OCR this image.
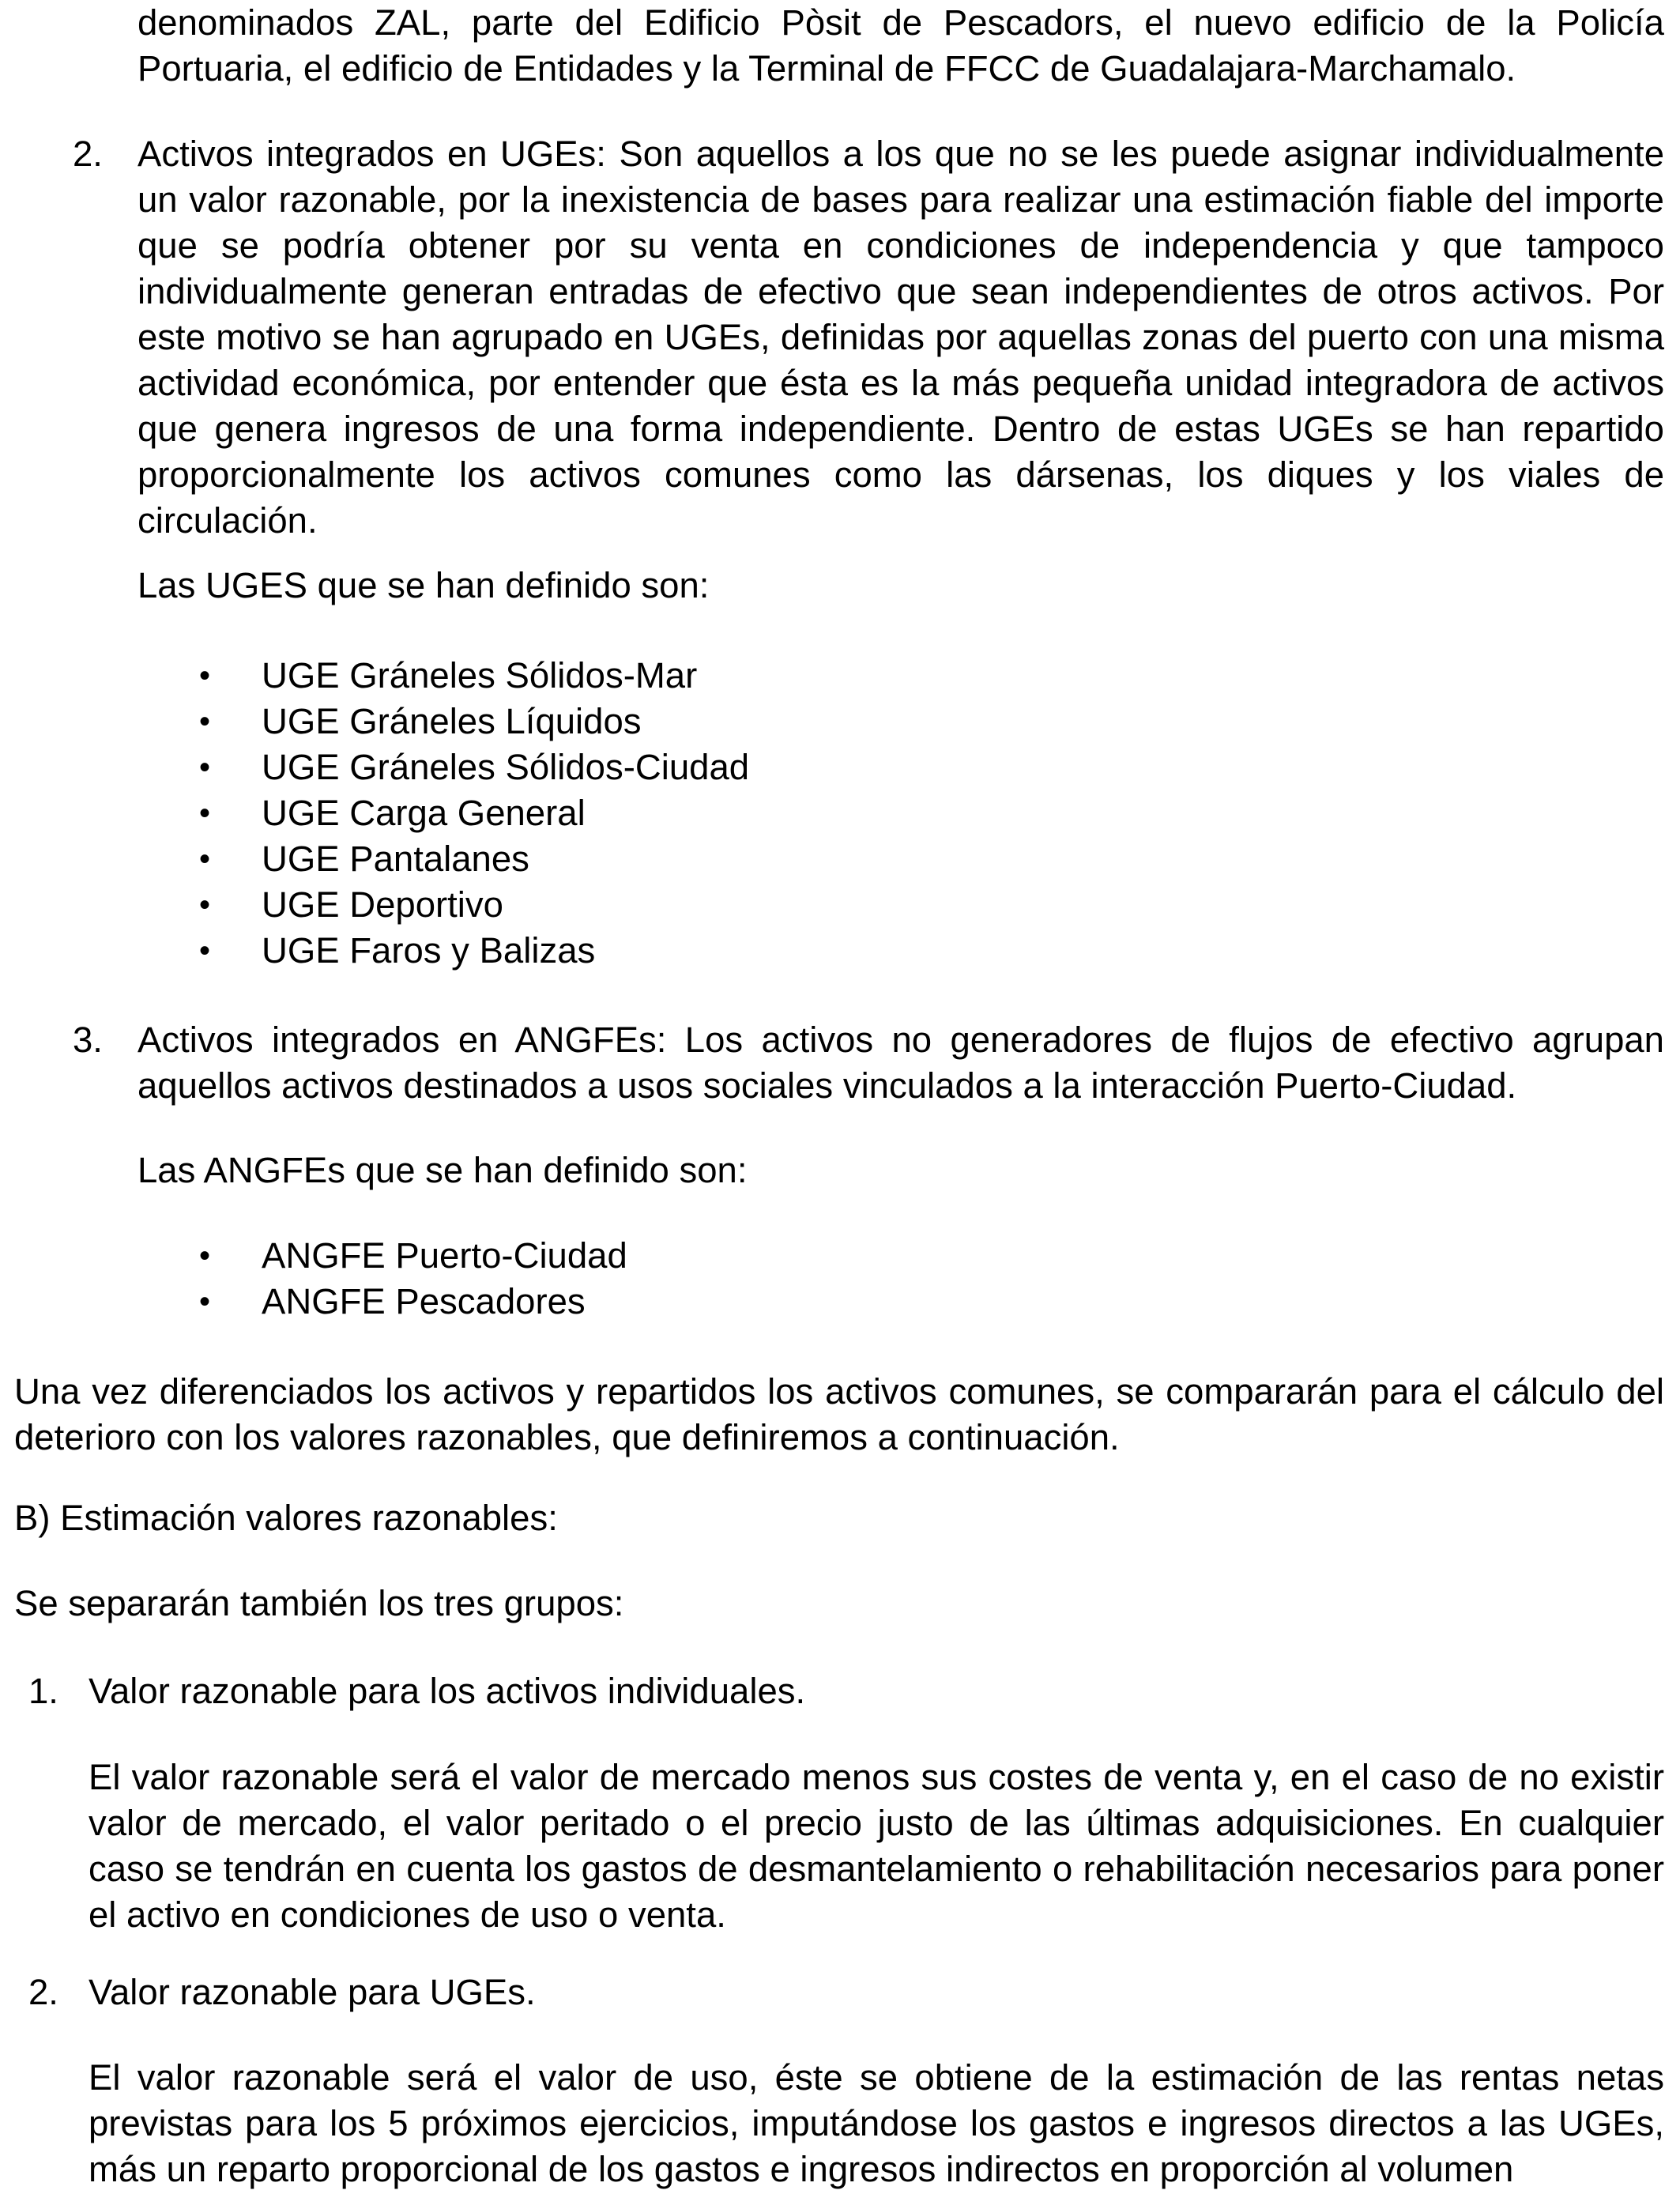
denominados ZAL, parte del Edificio Pòsit de Pescadors, el nuevo edificio de la Policía Portuaria, el edificio de Entidades y la Terminal de FFCC de Guadalajara-Marchamalo.

2. Activos integrados en UGEs: Son aquellos a los que no se les puede asignar individualmente un valor razonable, por la inexistencia de bases para realizar una estimación fiable del importe que se podría obtener por su venta en condiciones de independencia y que tampoco individualmente generan entradas de efectivo que sean independientes de otros activos. Por este motivo se han agrupado en UGEs, definidas por aquellas zonas del puerto con una misma actividad económica, por entender que ésta es la más pequeña unidad integradora de activos que genera ingresos de una forma independiente. Dentro de estas UGEs se han repartido proporcionalmente los activos comunes como las dársenas, los diques y los viales de circulación.

Las UGES que se han definido son:

• UGE Gráneles Sólidos-Mar
• UGE Gráneles Líquidos
• UGE Gráneles Sólidos-Ciudad
• UGE Carga General
• UGE Pantalanes
• UGE Deportivo
• UGE Faros y Balizas
3. Activos integrados en ANGFEs: Los activos no generadores de flujos de efectivo agrupan aquellos activos destinados a usos sociales vinculados a la interacción Puerto-Ciudad.

Las ANGFEs que se han definido son:

• ANGFE Puerto-Ciudad
• ANGFE Pescadores

Una vez diferenciados los activos y repartidos los activos comunes, se compararán para el cálculo del deterioro con los valores razonables, que definiremos a continuación.

B) Estimación valores razonables:

Se separarán también los tres grupos:

1. Valor razonable para los activos individuales.

El valor razonable será el valor de mercado menos sus costes de venta y, en el caso de no existir valor de mercado, el valor peritado o el precio justo de las últimas adquisiciones. En cualquier caso se tendrán en cuenta los gastos de desmantelamiento o rehabilitación necesarios para poner el activo en condiciones de uso o venta.

2. Valor razonable para UGEs.

El valor razonable será el valor de uso, éste se obtiene de la estimación de las rentas netas previstas para los 5 próximos ejercicios, imputándose los gastos e ingresos directos a las UGEs, más un reparto proporcional de los gastos e ingresos indirectos en proporción al volumen
